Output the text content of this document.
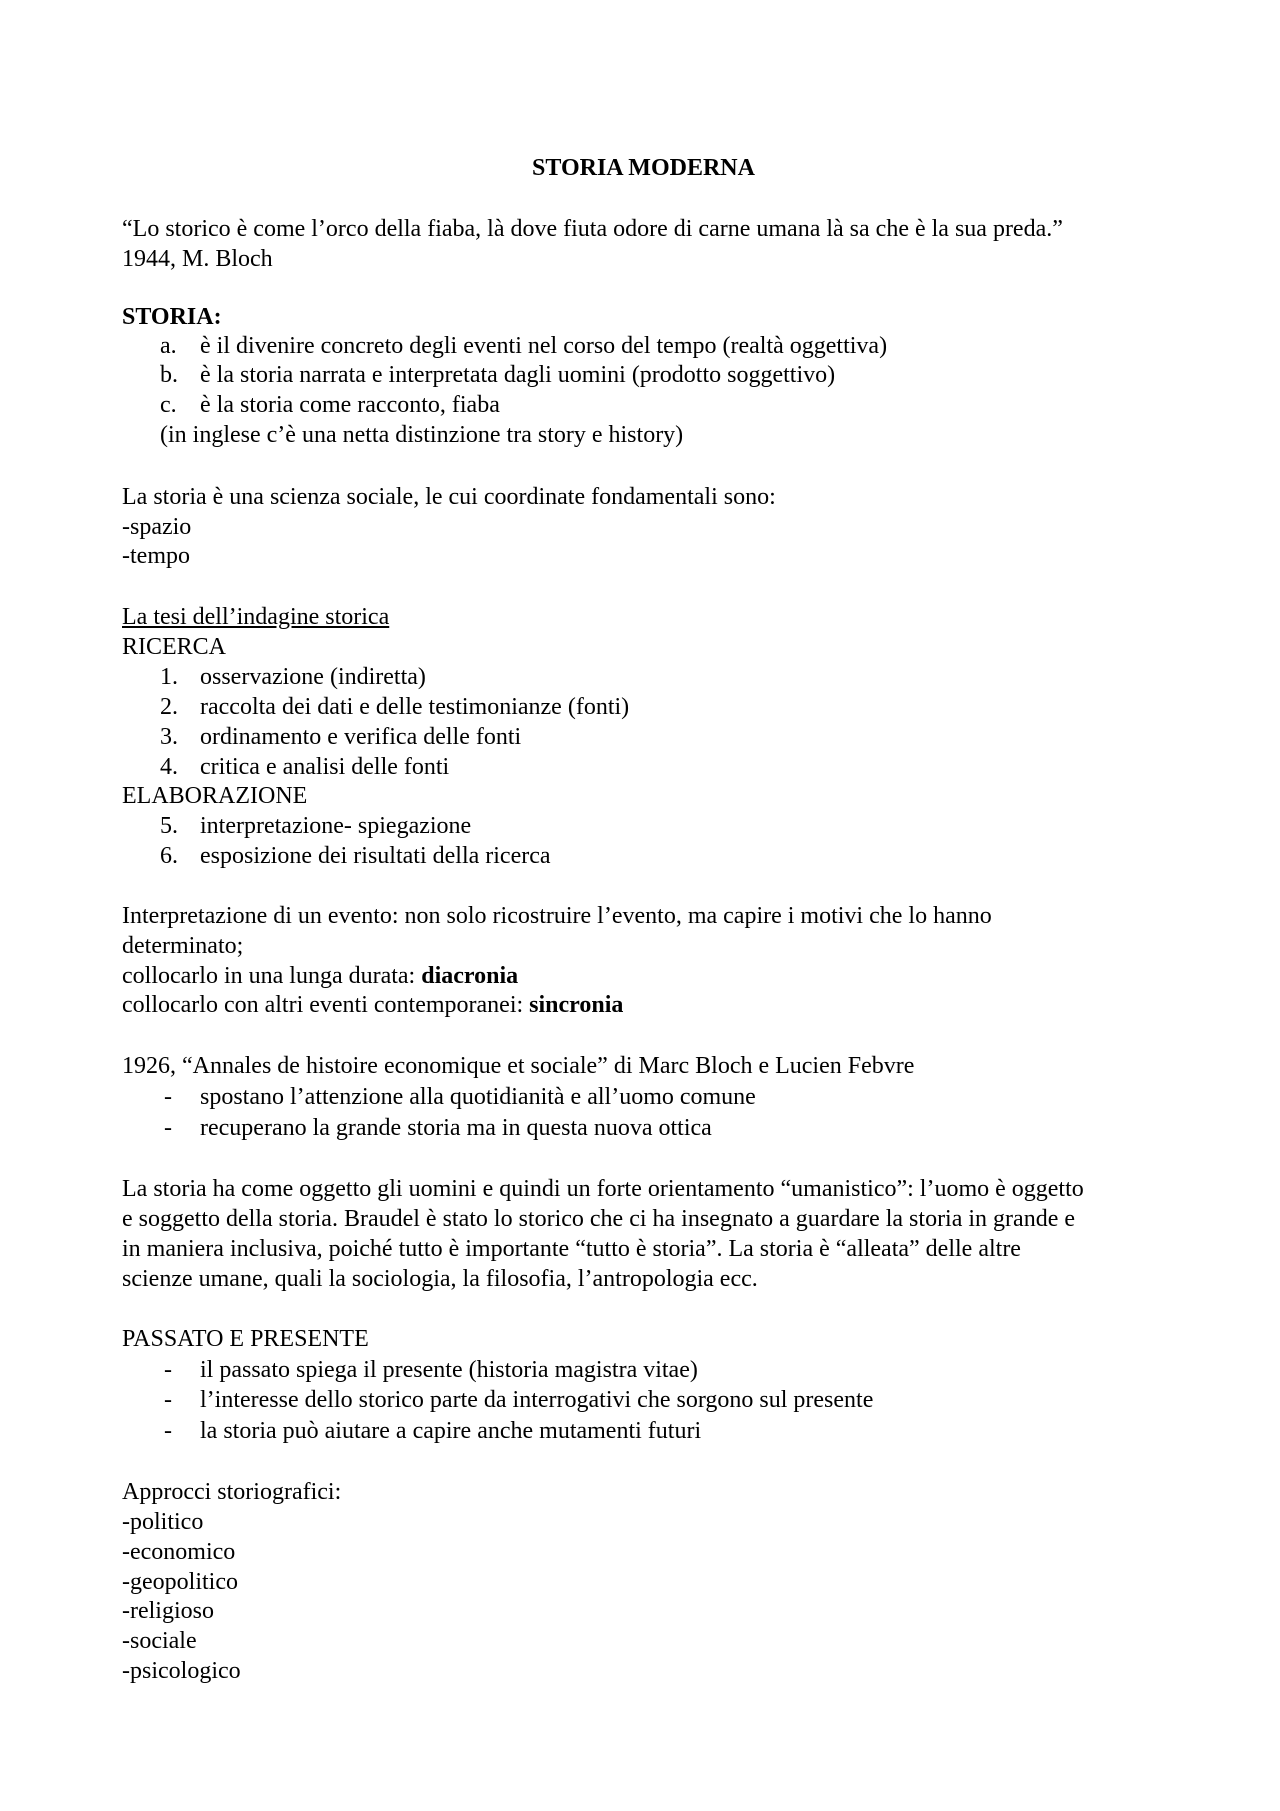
STORIA MODERNA
“Lo storico è come l’orco della fiaba, là dove fiuta odore di carne umana là sa che è la sua preda.”
1944, M. Bloch
STORIA:
a. è il divenire concreto degli eventi nel corso del tempo (realtà oggettiva)
b. è la storia narrata e interpretata dagli uomini (prodotto soggettivo)
c. è la storia come racconto, fiaba
(in inglese c’è una netta distinzione tra story e history)
La storia è una scienza sociale, le cui coordinate fondamentali sono:
-spazio
-tempo
La tesi dell’indagine storica
RICERCA
1. osservazione (indiretta)
2. raccolta dei dati e delle testimonianze (fonti)
3. ordinamento e verifica delle fonti
4. critica e analisi delle fonti
ELABORAZIONE
5. interpretazione- spiegazione
6. esposizione dei risultati della ricerca
Interpretazione di un evento: non solo ricostruire l’evento, ma capire i motivi che lo hanno
determinato;
collocarlo in una lunga durata: diacronia
collocarlo con altri eventi contemporanei: sincronia
1926, “Annales de histoire economique et sociale” di Marc Bloch e Lucien Febvre
- spostano l’attenzione alla quotidianità e all’uomo comune
- recuperano la grande storia ma in questa nuova ottica
La storia ha come oggetto gli uomini e quindi un forte orientamento “umanistico”: l’uomo è oggetto
e soggetto della storia. Braudel è stato lo storico che ci ha insegnato a guardare la storia in grande e
in maniera inclusiva, poiché tutto è importante “tutto è storia”. La storia è “alleata” delle altre
scienze umane, quali la sociologia, la filosofia, l’antropologia ecc.
PASSATO E PRESENTE
- il passato spiega il presente (historia magistra vitae)
- l’interesse dello storico parte da interrogativi che sorgono sul presente
- la storia può aiutare a capire anche mutamenti futuri
Approcci storiografici:
-politico
-economico
-geopolitico
-religioso
-sociale
-psicologico
